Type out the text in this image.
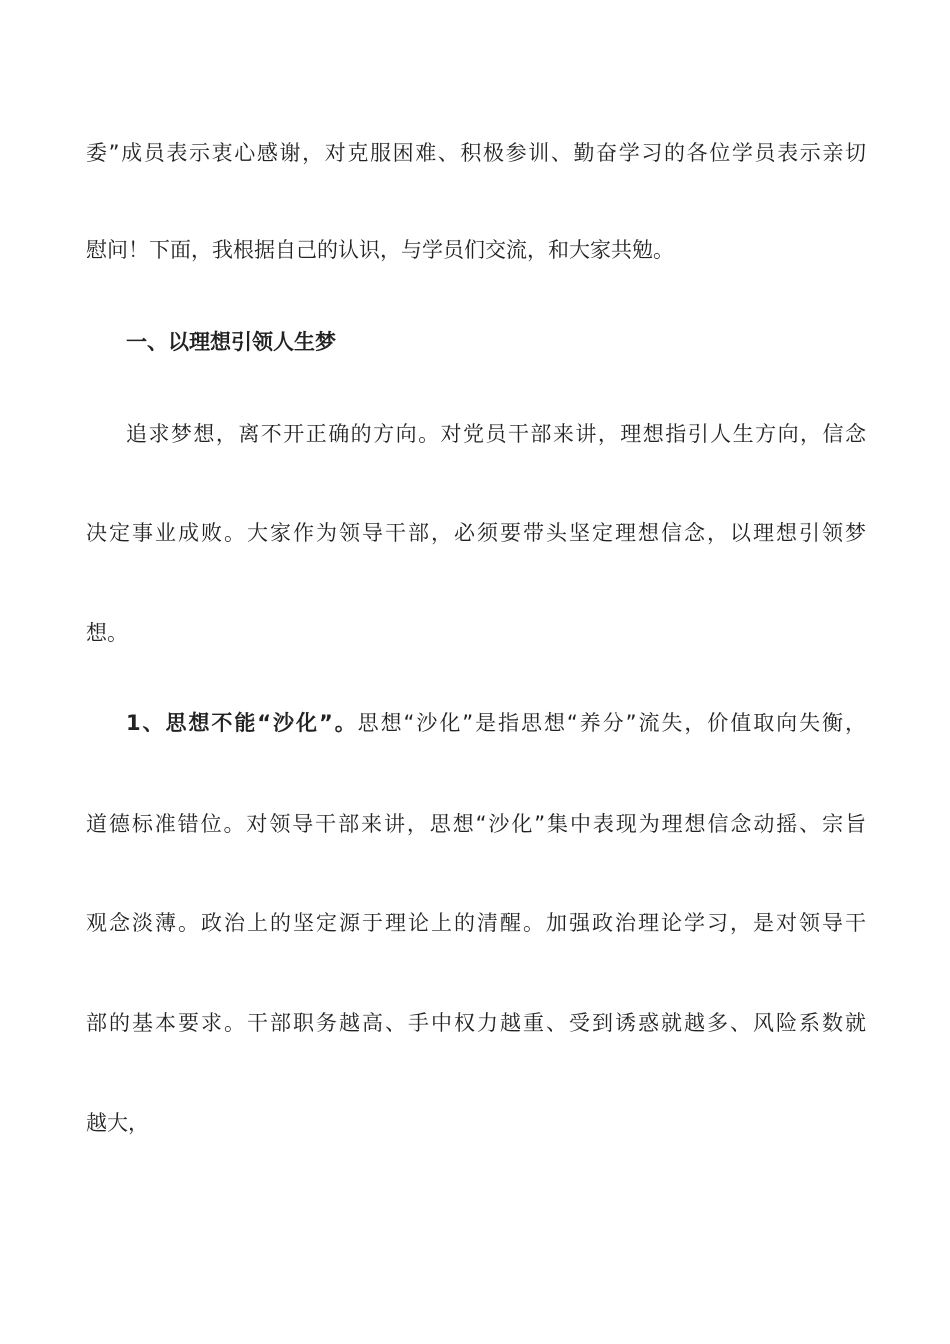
委”成员表示衷心感谢，对克服困难、积极参训、勤奋学习的各位学员表示亲切
慰问！下面，我根据自己的认识，与学员们交流，和大家共勉。
一、以理想引领人生梦
追求梦想，离不开正确的方向。对党员干部来讲，理想指引人生方向，信念
决定事业成败。大家作为领导干部，必须要带头坚定理想信念，以理想引领梦
想。
1、思想不能“沙化”。思想“沙化”是指思想“养分”流失，价值取向失衡，
道德标准错位。对领导干部来讲，思想“沙化”集中表现为理想信念动摇、宗旨
观念淡薄。政治上的坚定源于理论上的清醒。加强政治理论学习，是对领导干
部的基本要求。干部职务越高、手中权力越重、受到诱惑就越多、风险系数就
越大，
